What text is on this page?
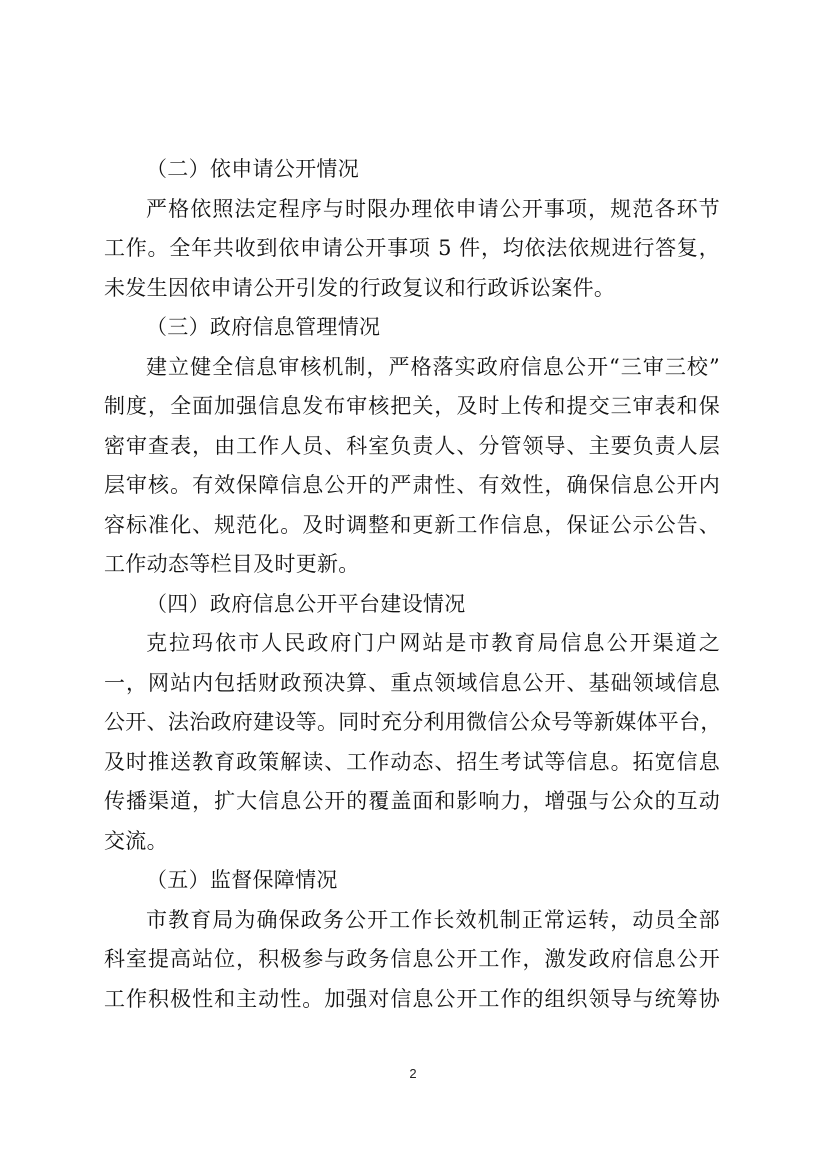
（二）依申请公开情况
严格依照法定程序与时限办理依申请公开事项，规范各环节
工作。全年共收到依申请公开事项 5 件，均依法依规进行答复，
未发生因依申请公开引发的行政复议和行政诉讼案件。
（三）政府信息管理情况
建立健全信息审核机制，严格落实政府信息公开“三审三校”
制度，全面加强信息发布审核把关，及时上传和提交三审表和保
密审查表，由工作人员、科室负责人、分管领导、主要负责人层
层审核。有效保障信息公开的严肃性、有效性，确保信息公开内
容标准化、规范化。及时调整和更新工作信息，保证公示公告、
工作动态等栏目及时更新。
（四）政府信息公开平台建设情况
克拉玛依市人民政府门户网站是市教育局信息公开渠道之
一，网站内包括财政预决算、重点领域信息公开、基础领域信息
公开、法治政府建设等。同时充分利用微信公众号等新媒体平台，
及时推送教育政策解读、工作动态、招生考试等信息。拓宽信息
传播渠道，扩大信息公开的覆盖面和影响力，增强与公众的互动
交流。
（五）监督保障情况
市教育局为确保政务公开工作长效机制正常运转，动员全部
科室提高站位，积极参与政务信息公开工作，激发政府信息公开
工作积极性和主动性。加强对信息公开工作的组织领导与统筹协
2
